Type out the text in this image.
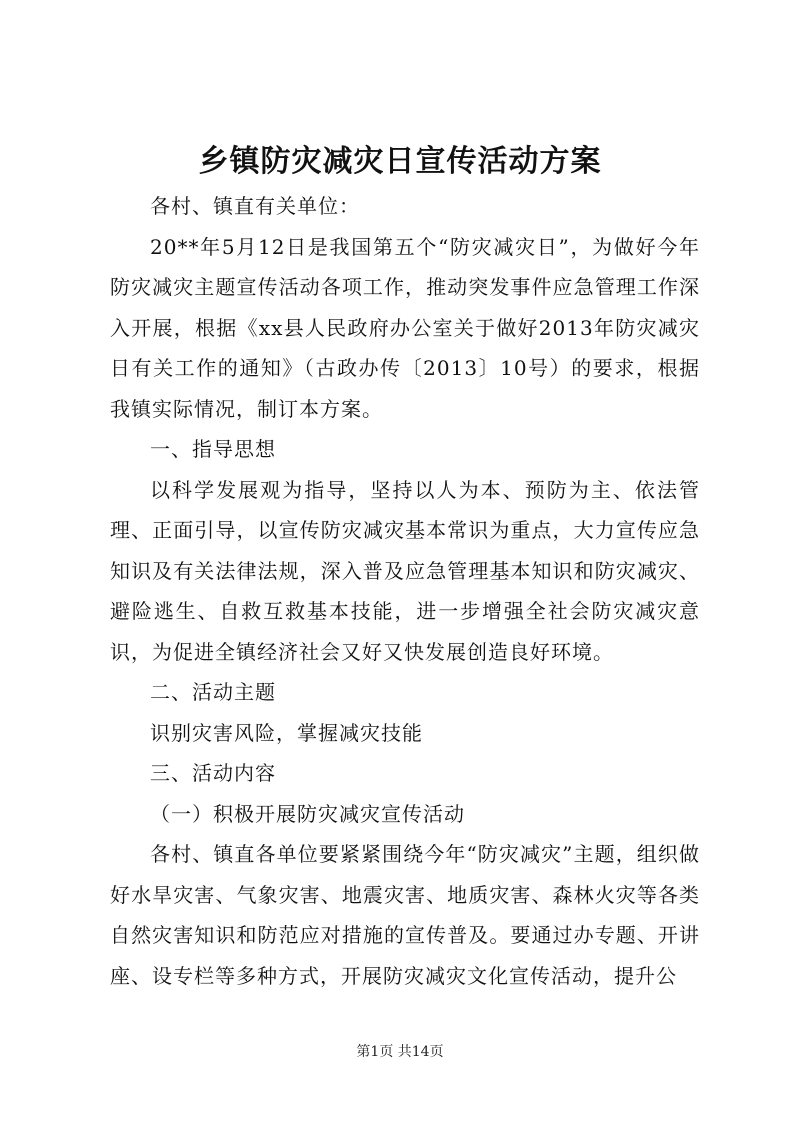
乡镇防灾减灾日宣传活动方案

各村、镇直有关单位：

20**年5月12日是我国第五个“防灾减灾日”，为做好今年防灾减灾主题宣传活动各项工作，推动突发事件应急管理工作深入开展，根据《xx县人民政府办公室关于做好2013年防灾减灾日有关工作的通知》（古政办传〔2013〕10号）的要求，根据我镇实际情况，制订本方案。

一、指导思想

以科学发展观为指导，坚持以人为本、预防为主、依法管理、正面引导，以宣传防灾减灾基本常识为重点，大力宣传应急知识及有关法律法规，深入普及应急管理基本知识和防灾减灾、避险逃生、自救互救基本技能，进一步增强全社会防灾减灾意识，为促进全镇经济社会又好又快发展创造良好环境。

二、活动主题

识别灾害风险，掌握减灾技能

三、活动内容

（一）积极开展防灾减灾宣传活动

各村、镇直各单位要紧紧围绕今年“防灾减灾”主题，组织做好水旱灾害、气象灾害、地震灾害、地质灾害、森林火灾等各类自然灾害知识和防范应对措施的宣传普及。要通过办专题、开讲座、设专栏等多种方式，开展防灾减灾文化宣传活动，提升公

第1页 共14页
